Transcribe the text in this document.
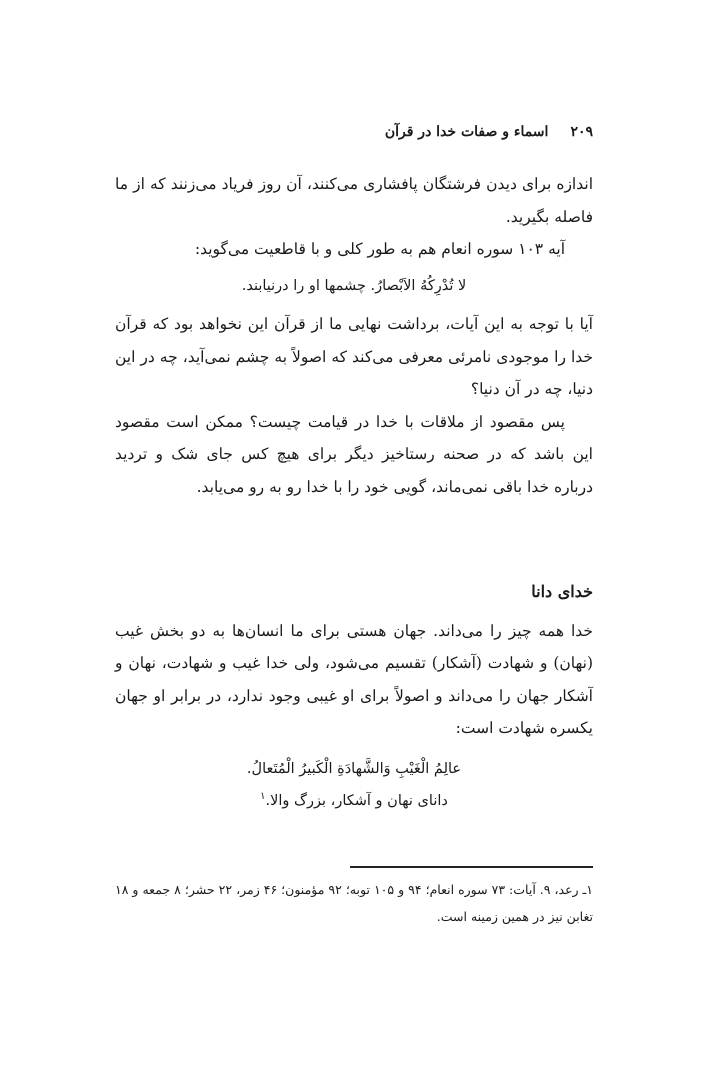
۲۰۹
اسماء و صفات خدا در قرآن

اندازه برای دیدن فرشتگان پافشاری می‌کنند، آن روز فریاد می‌زنند که از ما فاصله بگیرید.

آیه ۱۰۳ سوره انعام هم به طور کلی و با قاطعیت می‌گوید:

لا تُدْرِکُهُ الاَبْصارُ. چشمها او را درنیابند.

آیا با توجه به این آیات، برداشت نهایی ما از قرآن این نخواهد بود که قرآن خدا را موجودی نامرئی معرفی می‌کند که اصولاً به چشم نمی‌آید، چه در این دنیا، چه در آن دنیا؟

پس مقصود از ملاقات با خدا در قیامت چیست؟ ممکن است مقصود این باشد که در صحنه رستاخیز دیگر برای هیچ کس جای شک و تردید درباره خدا باقی نمی‌ماند، گویی خود را با خدا رو به رو می‌یابد.

خدای دانا

خدا همه چیز را می‌داند. جهان هستی برای ما انسان‌ها به دو بخش غیب (نهان) و شهادت (آشکار) تقسیم می‌شود، ولی خدا غیب و شهادت، نهان و آشکار جهان را می‌داند و اصولاً برای او غیبی وجود ندارد، در برابر او جهان یکسره شهادت است:

عالِمُ الْغَیْبِ وَالشَّهادَةِ الْکَبیرُ الْمُتَعالُ.

دانای نهان و آشکار، بزرگ والا.$^۱$

۱ـ رعد، ۹. آیات: ۷۳ سوره انعام؛ ۹۴ و ۱۰۵ توبه؛ ۹۲ مؤمنون؛ ۴۶ زمر، ۲۲ حشر؛ ۸ جمعه و ۱۸ تغابن نیز در همین زمینه است.
